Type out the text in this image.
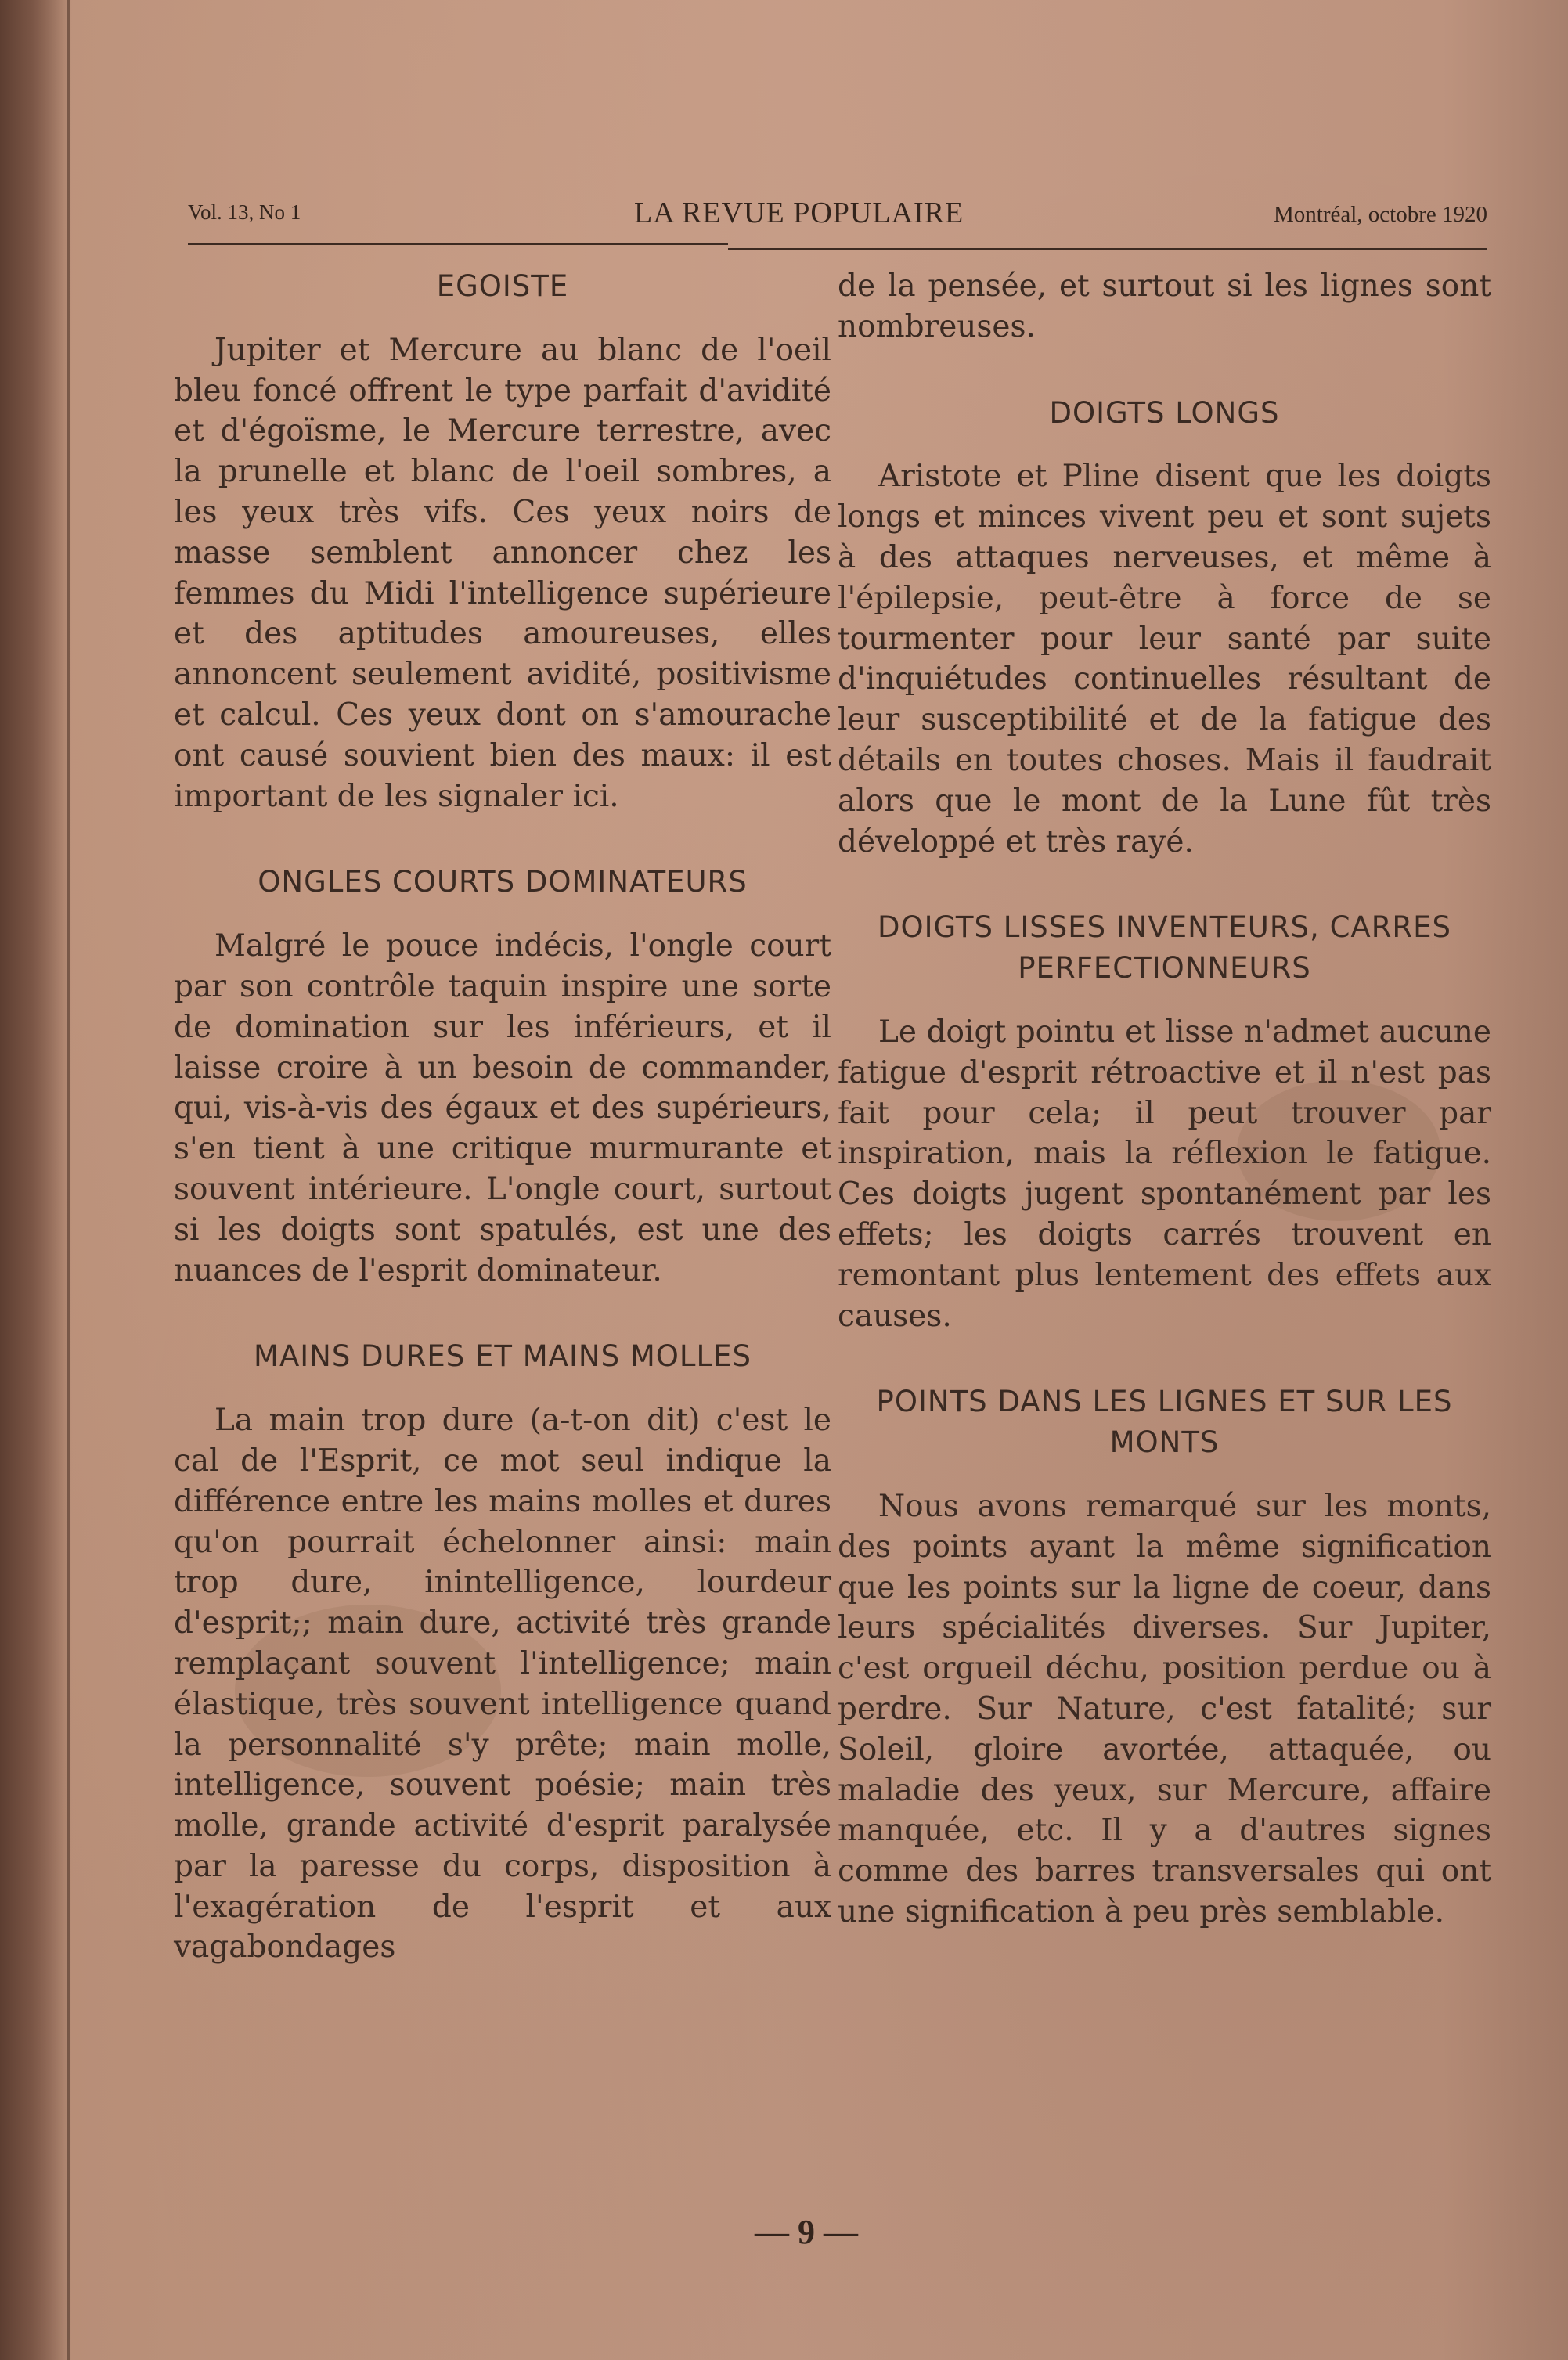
Vol. 13, No 1	LA REVUE POPULAIRE	Montréal, octobre 1920
EGOISTE

Jupiter et Mercure au blanc de l'oeil bleu foncé offrent le type parfait d'avidité et d'égoïsme, le Mercure terrestre, avec la prunelle et blanc de l'oeil sombres, a les yeux très vifs. Ces yeux noirs de masse semblent annoncer chez les femmes du Midi l'intelligence supérieure et des aptitudes amoureuses, elles annoncent seulement avidité, positivisme et calcul. Ces yeux dont on s'amourache ont causé souvient bien des maux: il est important de les signaler ici.

ONGLES COURTS DOMINATEURS

Malgré le pouce indécis, l'ongle court par son contrôle taquin inspire une sorte de domination sur les inférieurs, et il laisse croire à un besoin de commander, qui, vis-à-vis des égaux et des supérieurs, s'en tient à une critique murmurante et souvent intérieure. L'ongle court, surtout si les doigts sont spatulés, est une des nuances de l'esprit dominateur.

MAINS DURES ET MAINS MOLLES

La main trop dure (a-t-on dit) c'est le cal de l'Esprit, ce mot seul indique la différence entre les mains molles et dures qu'on pourrait échelonner ainsi: main trop dure, inintelligence, lourdeur d'esprit;; main dure, activité très grande remplaçant souvent l'intelligence; main élastique, très souvent intelligence quand la personnalité s'y prête; main molle, intelligence, souvent poésie; main très molle, grande activité d'esprit paralysée par la paresse du corps, disposition à l'exagération de l'esprit et aux vagabondages

de la pensée, et surtout si les lignes sont nombreuses.

DOIGTS LONGS

Aristote et Pline disent que les doigts longs et minces vivent peu et sont sujets à des attaques nerveuses, et même à l'épilepsie, peut-être à force de se tourmenter pour leur santé par suite d'inquiétudes continuelles résultant de leur susceptibilité et de la fatigue des détails en toutes choses. Mais il faudrait alors que le mont de la Lune fût très développé et très rayé.

DOIGTS LISSES INVENTEURS, CARRES PERFECTIONNEURS

Le doigt pointu et lisse n'admet aucune fatigue d'esprit rétroactive et il n'est pas fait pour cela; il peut trouver par inspiration, mais la réflexion le fatigue. Ces doigts jugent spontanément par les effets; les doigts carrés trouvent en remontant plus lentement des effets aux causes.

POINTS DANS LES LIGNES ET SUR LES MONTS

Nous avons remarqué sur les monts, des points ayant la même signification que les points sur la ligne de coeur, dans leurs spécialités diverses. Sur Jupiter, c'est orgueil déchu, position perdue ou à perdre. Sur Nature, c'est fatalité; sur Soleil, gloire avortée, attaquée, ou maladie des yeux, sur Mercure, affaire manquée, etc. Il y a d'autres signes comme des barres transversales qui ont une signification à peu près semblable.

— 9 —
